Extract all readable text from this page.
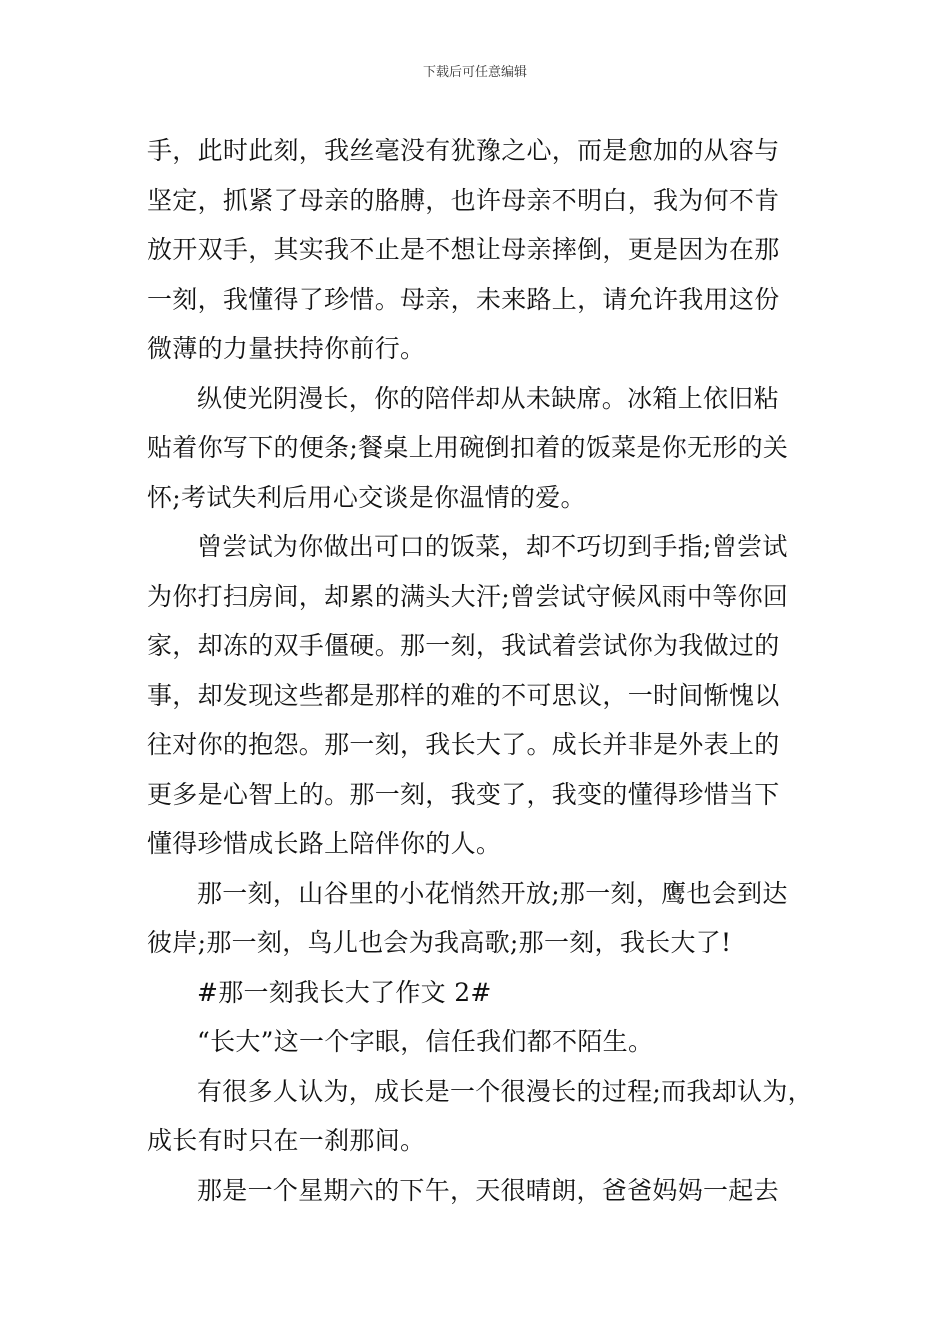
下载后可任意编辑
手，此时此刻，我丝毫没有犹豫之心，而是愈加的从容与
坚定，抓紧了母亲的胳膊，也许母亲不明白，我为何不肯
放开双手，其实我不止是不想让母亲摔倒，更是因为在那
一刻，我懂得了珍惜。母亲，未来路上，请允许我用这份
微薄的力量扶持你前行。
纵使光阴漫长，你的陪伴却从未缺席。冰箱上依旧粘
贴着你写下的便条;餐桌上用碗倒扣着的饭菜是你无形的关
怀;考试失利后用心交谈是你温情的爱。
曾尝试为你做出可口的饭菜，却不巧切到手指;曾尝试
为你打扫房间，却累的满头大汗;曾尝试守候风雨中等你回
家，却冻的双手僵硬。那一刻，我试着尝试你为我做过的
事，却发现这些都是那样的难的不可思议，一时间惭愧以
往对你的抱怨。那一刻，我长大了。成长并非是外表上的
更多是心智上的。那一刻，我变了，我变的懂得珍惜当下
懂得珍惜成长路上陪伴你的人。
那一刻，山谷里的小花悄然开放;那一刻，鹰也会到达
彼岸;那一刻，鸟儿也会为我高歌;那一刻，我长大了!
#那一刻我长大了作文 2#
“长大”这一个字眼，信任我们都不陌生。
有很多人认为，成长是一个很漫长的过程;而我却认为，
成长有时只在一刹那间。
那是一个星期六的下午，天很晴朗，爸爸妈妈一起去
